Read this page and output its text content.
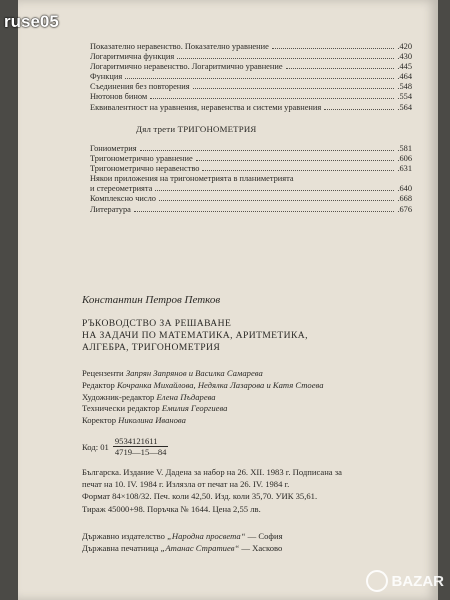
Показателно неравенство. Показателно уравнение	.420
Логаритмична функция	.430
Логаритмично неравенство. Логаритмично уравнение	.445
Функция	.464
Съединения без повторения	.548
Нютонов бином	.554
Еквивалентност на уравнения, неравенства и системи уравнения	.564
Дял трети ТРИГОНОМЕТРИЯ
Гониометрия	.581
Тригонометрично уравнение	.606
Тригонометрично неравенство	.631
Някои приложения на тригонометрията в планиметрията
и стереометрията	.640
Комплексно число	.668
Литература	.676
Константин Петров Петков
РЪКОВОДСТВО ЗА РЕШАВАНЕ
НА ЗАДАЧИ ПО МАТЕМАТИКА, АРИТМЕТИКА,
АЛГЕБРА, ТРИГОНОМЕТРИЯ
Рецензенти Запрян Запрянов и Василка Самарева
Редактор Кочранка Михайлова, Недялка Лазарова и Катя Стоева
Художник-редактор Елена Пъдарева
Технически редактор Емилия Георгиева
Коректор Николина Иванова
Код: $01 \frac{9534121611}{4719—15—84}$
Българска. Издание V. Дадена за набор на 26. XII. 1983 г. Подписана за
печат на 10. IV. 1984 г. Излязла от печат на 26. IV. 1984 г.
Формат 84×108/32. Печ. коли 42,50. Изд. коли 35,70. УИК 35,61.
Тираж 45000+98. Поръчка № 1644. Цена 2,55 лв.
Държавно издателство „Народна просвета“ — София
Държавна печатница „Атанас Стратиев“ — Хасково
ruse05
BAZAR
